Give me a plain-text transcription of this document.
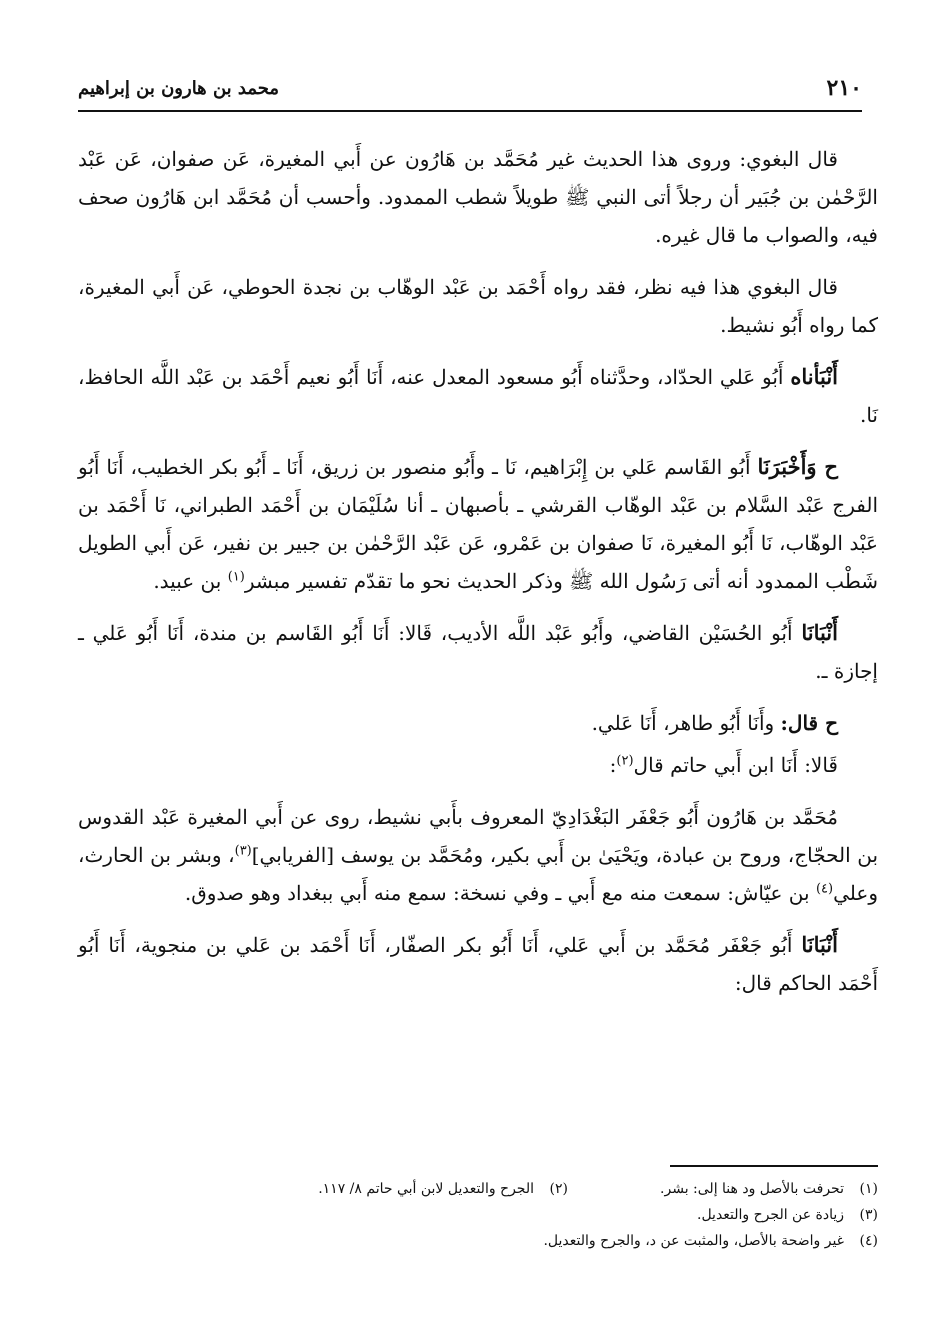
٢١٠
محمد بن هارون بن إبراهيم

قال البغوي: وروى هذا الحديث غير مُحَمَّد بن هَارُون عن أَبي المغيرة، عَن صفوان، عَن عَبْد الرَّحْمٰن بن جُبَير أن رجلاً أتى النبي ﷺ طويلاً شطب الممدود. وأحسب أن مُحَمَّد ابن هَارُون صحف فيه، والصواب ما قال غيره.

قال البغوي هذا فيه نظر، فقد رواه أَحْمَد بن عَبْد الوهّاب بن نجدة الحوطي، عَن أَبي المغيرة، كما رواه أَبُو نشيط.

أَنْبَأناه أَبُو عَلي الحدّاد، وحدَّثناه أَبُو مسعود المعدل عنه، أَنَا أَبُو نعيم أَحْمَد بن عَبْد اللَّه الحافظ، نَا.

ح وَأَخْبَرَنَا أَبُو القَاسم عَلي بن إِبْرَاهيم، نَا ـ وأَبُو منصور بن زريق، أَنَا ـ أَبُو بكر الخطيب، أَنَا أَبُو الفرج عَبْد السَّلام بن عَبْد الوهّاب القرشي ـ بأصبهان ـ أنا سُلَيْمَان بن أَحْمَد الطبراني، نَا أَحْمَد بن عَبْد الوهّاب، نَا أَبُو المغيرة، نَا صفوان بن عَمْرو، عَن عَبْد الرَّحْمٰن بن جبير بن نفير، عَن أَبي الطويل شَطْب الممدود أنه أتى رَسُول الله ﷺ وذكر الحديث نحو ما تقدّم تفسير مبشر$^{(١)}$ بن عبيد.

أَنْبَانَا أَبُو الحُسَيْن القاضي، وأَبُو عَبْد اللَّه الأديب، قَالا: أَنَا أَبُو القَاسم بن مندة، أَنَا أَبُو عَلي ـ إجازة ـ.

ح قال: وأَنَا أَبُو طاهر، أَنَا عَلي.

قَالا: أَنَا ابن أَبي حاتم قال$^{(٢)}$:

مُحَمَّد بن هَارُون أَبُو جَعْفَر البَغْدَادِيّ المعروف بأَبي نشيط، روى عن أَبي المغيرة عَبْد القدوس بن الحجّاج، وروح بن عبادة، ويَحْيَىٰ بن أَبي بكير، ومُحَمَّد بن يوسف [الفريابي]$^{(٣)}$، وبشر بن الحارث، وعلي$^{(٤)}$ بن عيّاش: سمعت منه مع أَبي ـ وفي نسخة: سمع منه أَبي ببغداد وهو صدوق.

أَنْبَانَا أَبُو جَعْفَر مُحَمَّد بن أَبي عَلي، أَنَا أَبُو بكر الصفّار، أَنَا أَحْمَد بن عَلي بن منجوية، أَنَا أَبُو أَحْمَد الحاكم قال:

(١)
تحرفت بالأصل ود هنا إلى: بشر.
(٢)
الجرح والتعديل لابن أبي حاتم ٨/ ١١٧.
(٣)
زيادة عن الجرح والتعديل.
(٤)
غير واضحة بالأصل، والمثبت عن د، والجرح والتعديل.
